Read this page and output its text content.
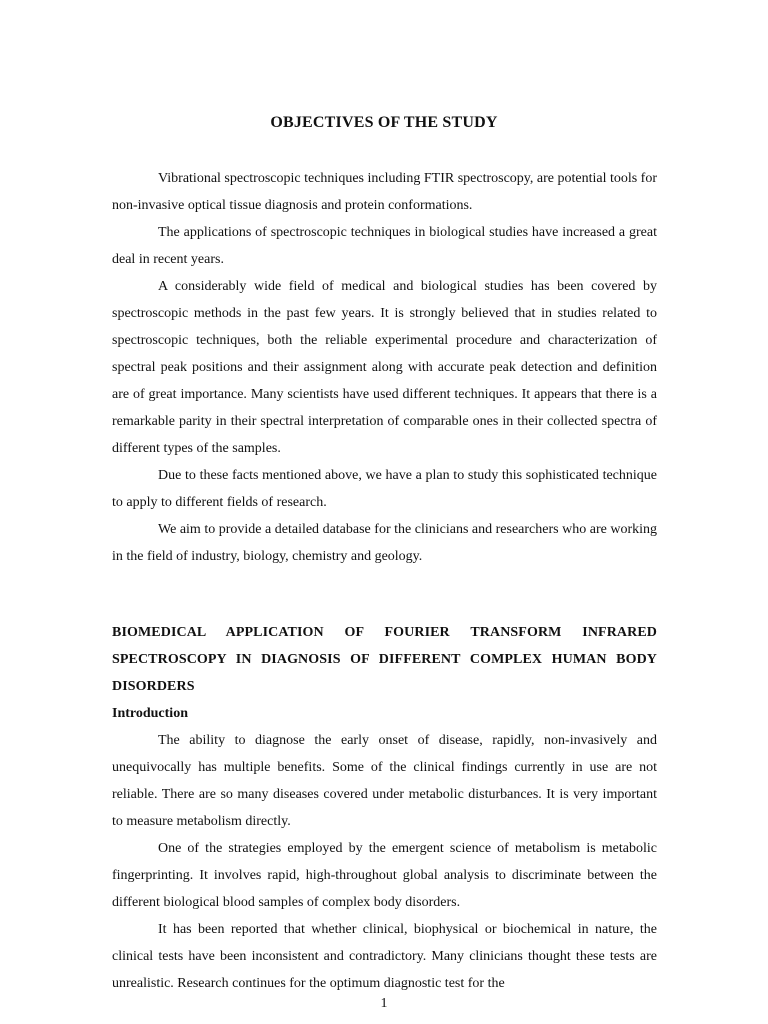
OBJECTIVES OF THE STUDY

Vibrational spectroscopic techniques including FTIR spectroscopy, are potential tools for non-invasive optical tissue diagnosis and protein conformations.

The applications of spectroscopic techniques in biological studies have increased a great deal in recent years.

A considerably wide field of medical and biological studies has been covered by spectroscopic methods in the past few years. It is strongly believed that in studies related to spectroscopic techniques, both the reliable experimental procedure and characterization of spectral peak positions and their assignment along with accurate peak detection and definition are of great importance. Many scientists have used different techniques. It appears that there is a remarkable parity in their spectral interpretation of comparable ones in their collected spectra of different types of the samples.

Due to these facts mentioned above, we have a plan to study this sophisticated technique to apply to different fields of research.

We aim to provide a detailed database for the clinicians and researchers who are working in the field of industry, biology, chemistry and geology.

BIOMEDICAL APPLICATION OF FOURIER TRANSFORM INFRARED SPECTROSCOPY IN DIAGNOSIS OF DIFFERENT COMPLEX HUMAN BODY DISORDERS
Introduction

The ability to diagnose the early onset of disease, rapidly, non-invasively and unequivocally has multiple benefits. Some of the clinical findings currently in use are not reliable. There are so many diseases covered under metabolic disturbances. It is very important to measure metabolism directly.

One of the strategies employed by the emergent science of metabolism is metabolic fingerprinting. It involves rapid, high-throughout global analysis to discriminate between the different biological blood samples of complex body disorders.

It has been reported that whether clinical, biophysical or biochemical in nature, the clinical tests have been inconsistent and contradictory. Many clinicians thought these tests are unrealistic. Research continues for the optimum diagnostic test for the

1
